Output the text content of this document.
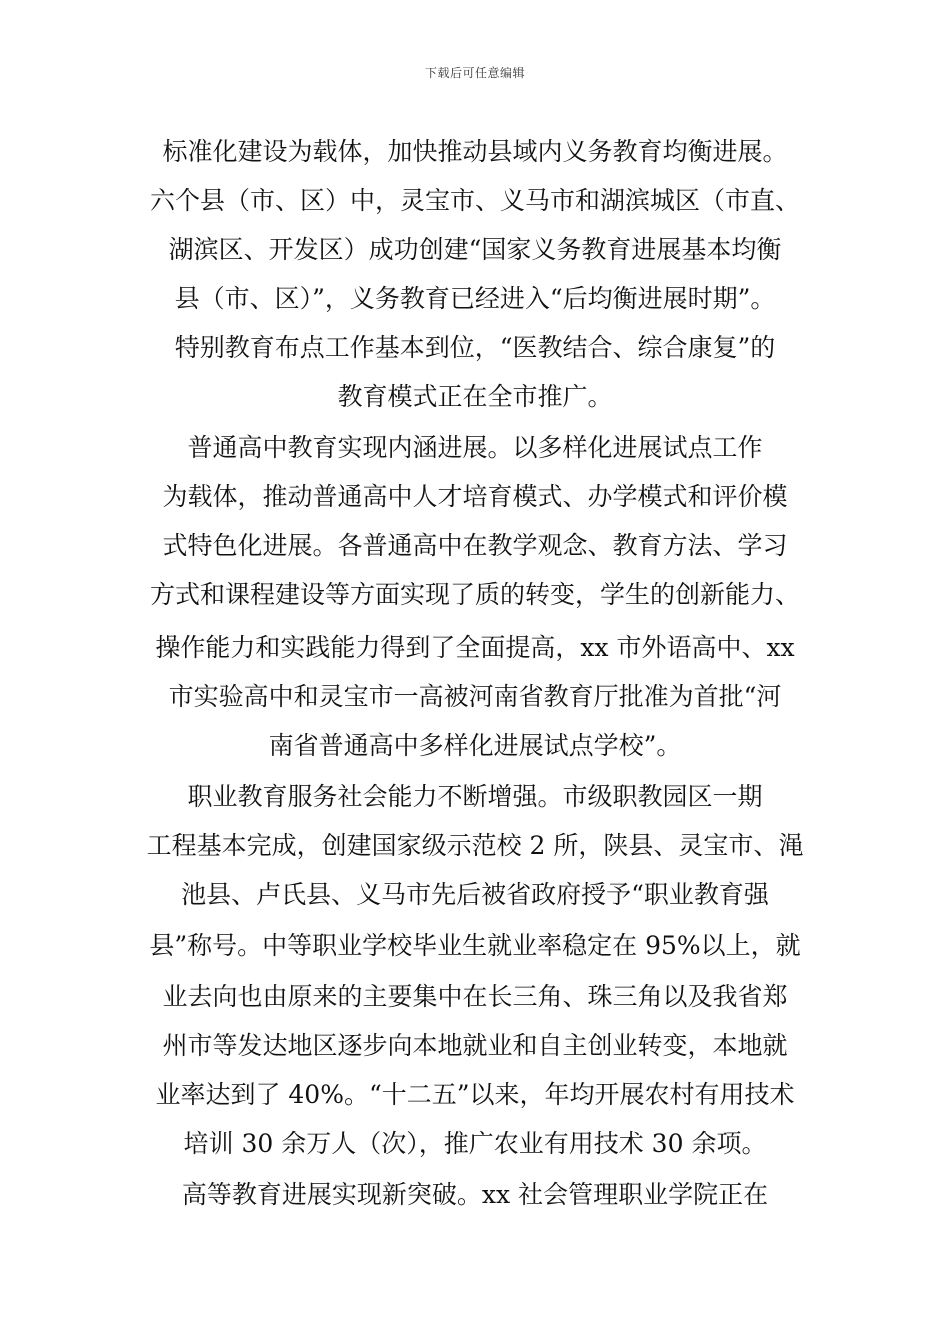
下载后可任意编辑
标准化建设为载体，加快推动县域内义务教育均衡进展。
六个县（市、区）中，灵宝市、义马市和湖滨城区（市直、
湖滨区、开发区）成功创建“国家义务教育进展基本均衡
县（市、区）”，义务教育已经进入“后均衡进展时期”。
特别教育布点工作基本到位，“医教结合、综合康复”的
教育模式正在全市推广。
普通高中教育实现内涵进展。以多样化进展试点工作
为载体，推动普通高中人才培育模式、办学模式和评价模
式特色化进展。各普通高中在教学观念、教育方法、学习
方式和课程建设等方面实现了质的转变，学生的创新能力、
操作能力和实践能力得到了全面提高，xx 市外语高中、xx
市实验高中和灵宝市一高被河南省教育厅批准为首批“河
南省普通高中多样化进展试点学校”。
职业教育服务社会能力不断增强。市级职教园区一期
工程基本完成，创建国家级示范校 2 所，陕县、灵宝市、渑
池县、卢氏县、义马市先后被省政府授予“职业教育强
县”称号。中等职业学校毕业生就业率稳定在 95%以上，就
业去向也由原来的主要集中在长三角、珠三角以及我省郑
州市等发达地区逐步向本地就业和自主创业转变，本地就
业率达到了 40%。“十二五”以来，年均开展农村有用技术
培训 30 余万人（次），推广农业有用技术 30 余项。
高等教育进展实现新突破。xx 社会管理职业学院正在
